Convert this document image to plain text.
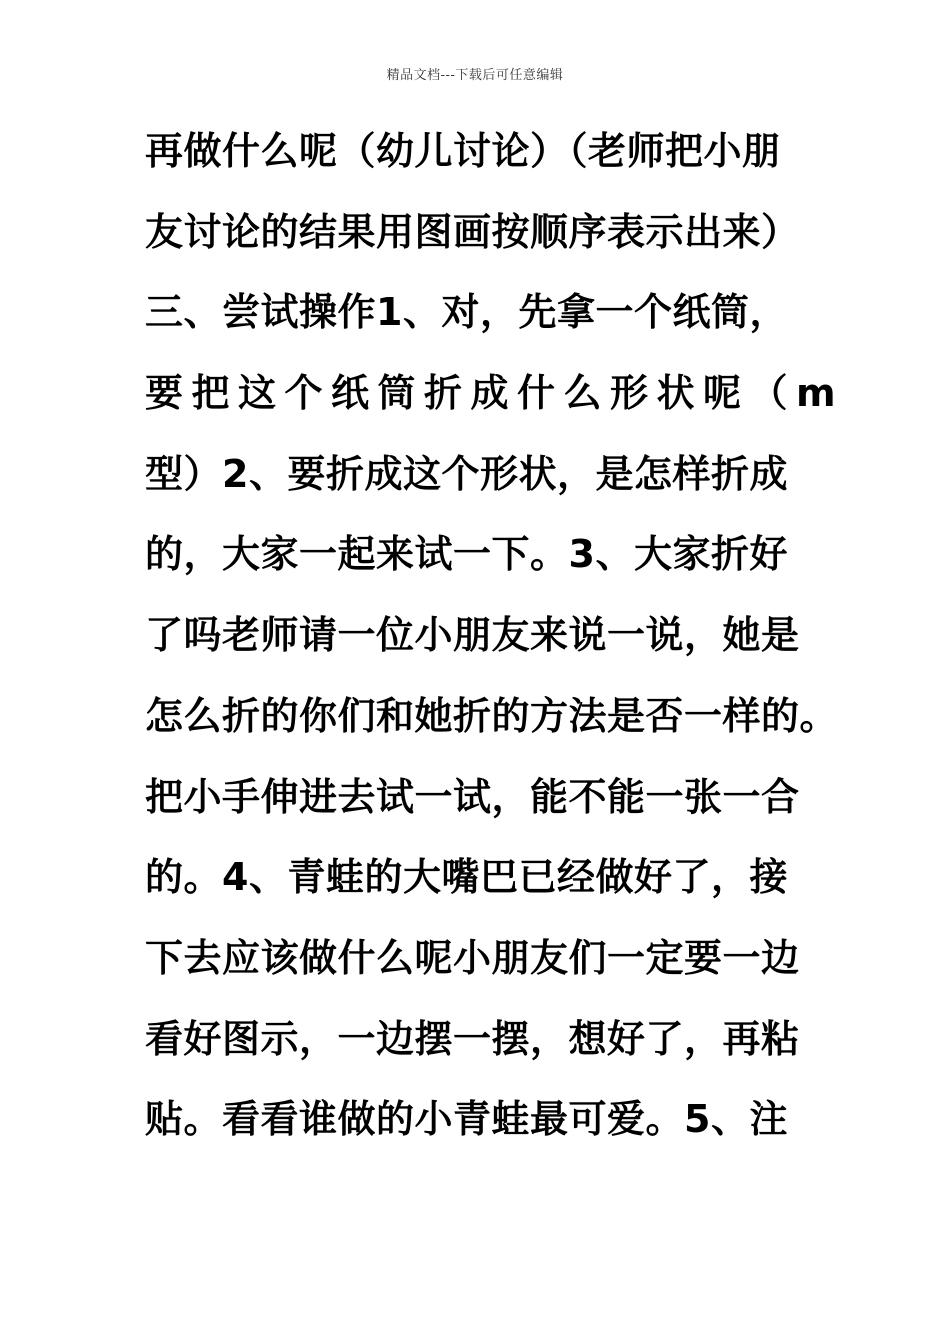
精品文档---下载后可任意编辑
再做什么呢（幼儿讨论）（老师把小朋
友讨论的结果用图画按顺序表示出来）
三、尝试操作1、对，先拿一个纸筒，
要把这个纸筒折成什么形状呢（m
型）2、要折成这个形状，是怎样折成
的，大家一起来试一下。3、大家折好
了吗老师请一位小朋友来说一说，她是
怎么折的你们和她折的方法是否一样的。
把小手伸进去试一试，能不能一张一合
的。4、青蛙的大嘴巴已经做好了，接
下去应该做什么呢小朋友们一定要一边
看好图示，一边摆一摆，想好了，再粘
贴。看看谁做的小青蛙最可爱。5、注
